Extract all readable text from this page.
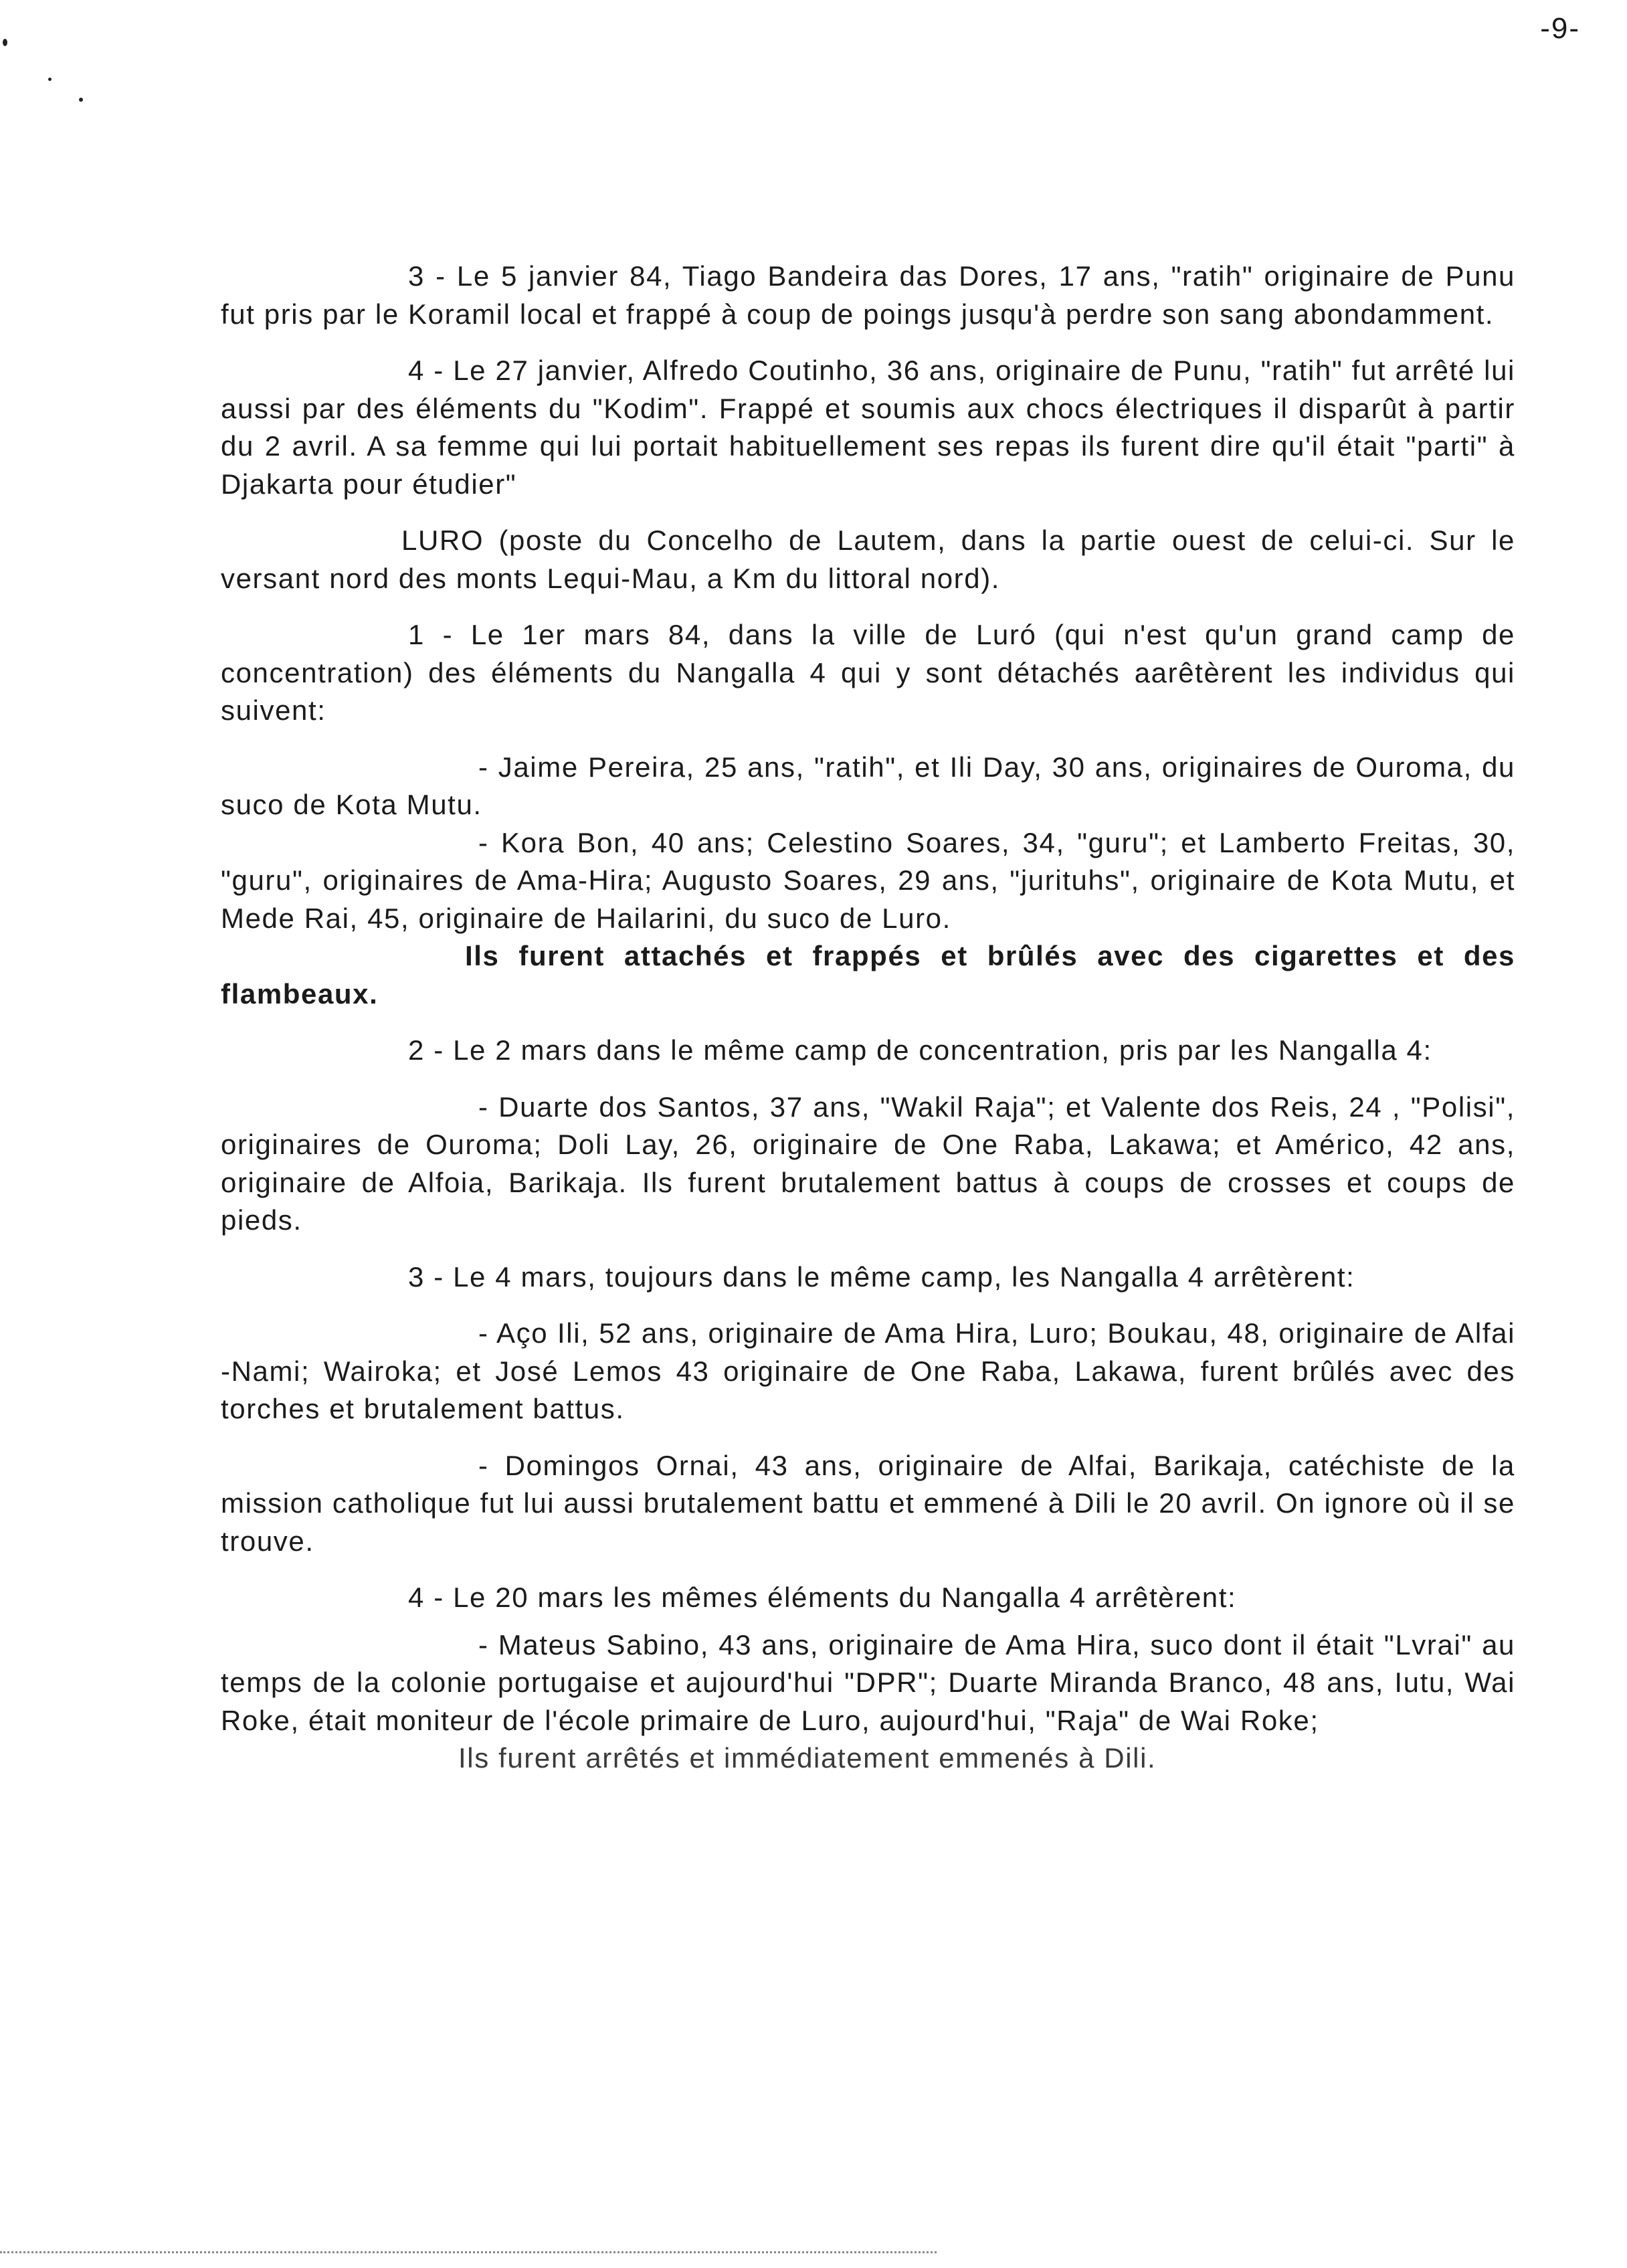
-9-

3 - Le 5 janvier 84, Tiago Bandeira das Dores, 17 ans, "ratih" originaire de Punu fut pris par le Koramil local et frappé à coup de poings jusqu'à perdre son sang abondamment.

4 - Le 27 janvier, Alfredo Coutinho, 36 ans, originaire de Punu, "ratih" fut arrêté lui aussi par des éléments du "Kodim". Frappé et soumis aux chocs électriques il disparût à partir du 2 avril. A sa femme qui lui portait habituellement ses repas ils furent dire qu'il était "parti" à Djakarta pour étudier"

LURO (poste du Concelho de Lautem, dans la partie ouest de celui-ci. Sur le versant nord des monts Lequi-Mau, a Km du littoral nord).

1 - Le 1er mars 84, dans la ville de Luró (qui n'est qu'un grand camp de concentration) des éléments du Nangalla 4 qui y sont détachés aarêtèrent les individus qui suivent:

- Jaime Pereira, 25 ans, "ratih", et Ili Day, 30 ans, originaires de Ouroma, du suco de Kota Mutu.

- Kora Bon, 40 ans; Celestino Soares, 34, "guru"; et Lamberto Freitas, 30, "guru", originaires de Ama-Hira; Augusto Soares, 29 ans, "jurituhs", originaire de Kota Mutu, et Mede Rai, 45, originaire de Hailarini, du suco de Luro.

Ils furent attachés et frappés et brûlés avec des cigarettes et des flambeaux.

2 - Le 2 mars dans le même camp de concentration, pris par les Nangalla 4:

- Duarte dos Santos, 37 ans, "Wakil Raja"; et Valente dos Reis, 24 , "Polisi", originaires de Ouroma; Doli Lay, 26, originaire de One Raba, Lakawa; et Américo, 42 ans, originaire de Alfoia, Barikaja. Ils furent brutalement battus à coups de crosses et coups de pieds.

3 - Le 4 mars, toujours dans le même camp, les Nangalla 4 arrêtèrent:

- Aço Ili, 52 ans, originaire de Ama Hira, Luro; Boukau, 48, originaire de Alfai -Nami; Wairoka; et José Lemos 43 originaire de One Raba, Lakawa, furent brûlés avec des torches et brutalement battus.

- Domingos Ornai, 43 ans, originaire de Alfai, Barikaja, catéchiste de la mission catholique fut lui aussi brutalement battu et emmené à Dili le 20 avril. On ignore où il se trouve.

4 - Le 20 mars les mêmes éléments du Nangalla 4 arrêtèrent:

- Mateus Sabino, 43 ans, originaire de Ama Hira, suco dont il était "Lvrai" au temps de la colonie portugaise et aujourd'hui "DPR"; Duarte Miranda Branco, 48 ans, Iutu, Wai Roke, était moniteur de l'école primaire de Luro, aujourd'hui, "Raja" de Wai Roke;

Ils furent arrêtés et immédiatement emmenés à Dili.
